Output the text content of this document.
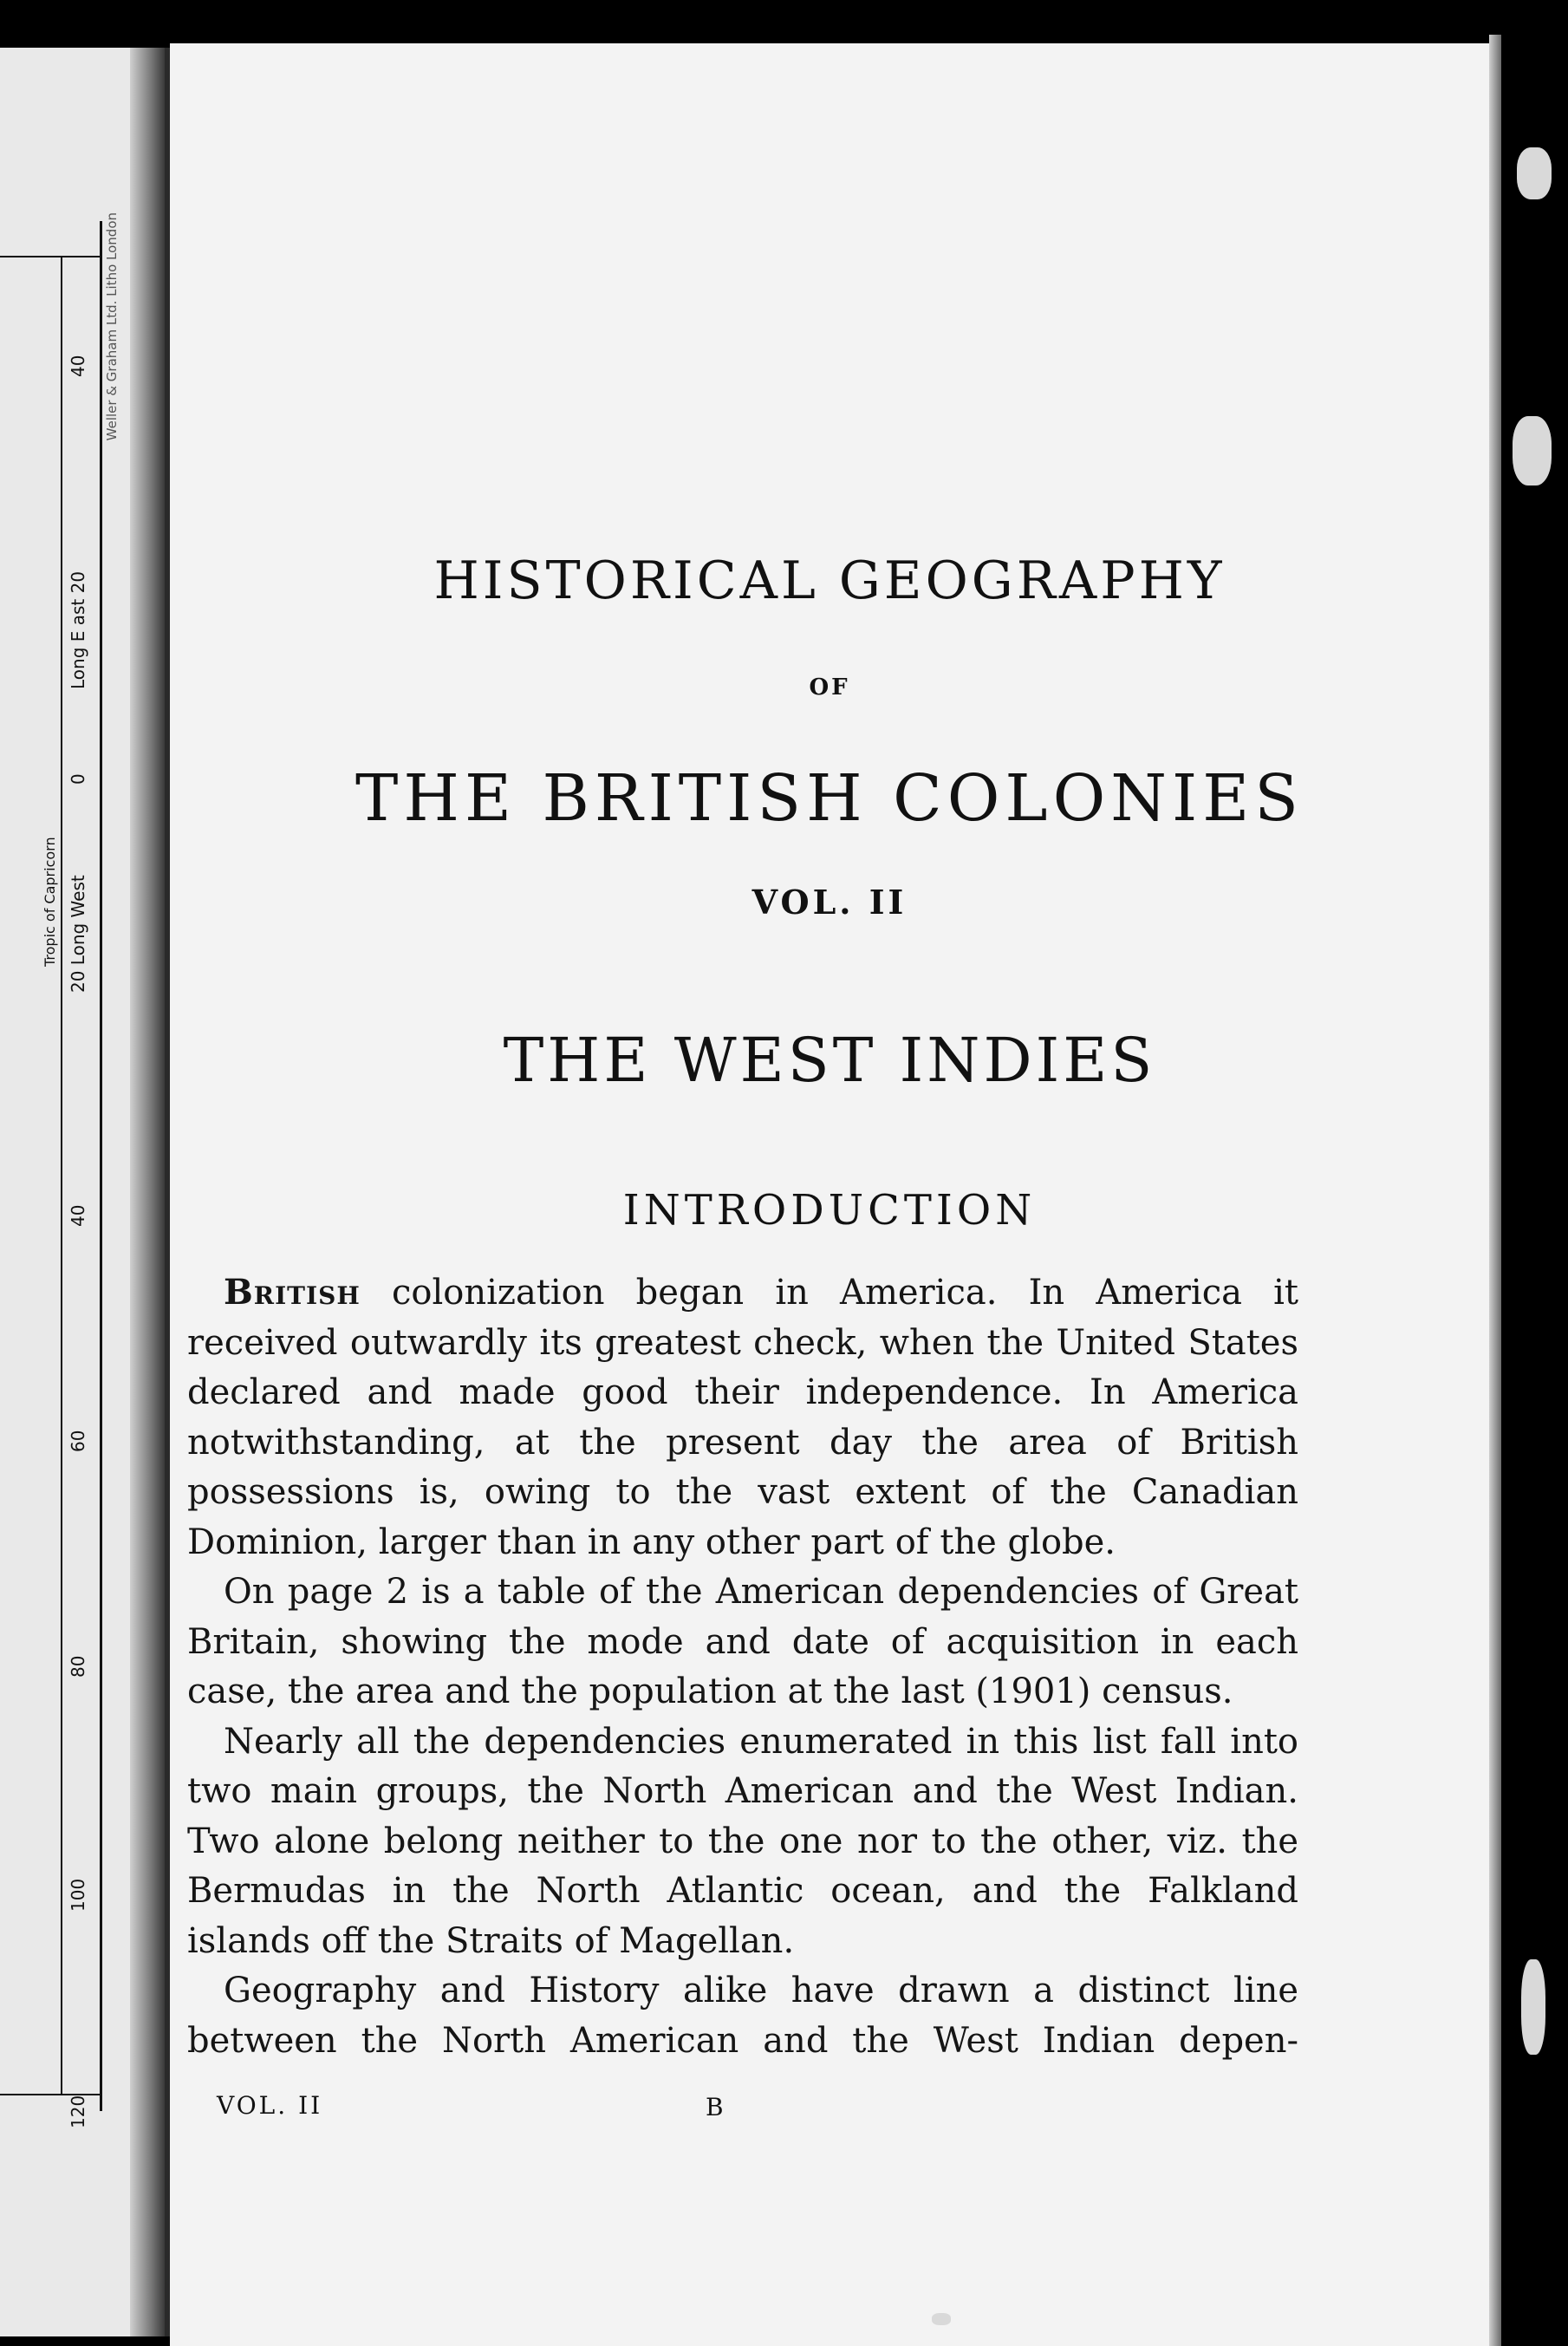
40
20 Long West
0
Long E ast 20
40
60
80
100
120
Tropic of Capricorn
Weller & Graham Ltd. Litho London
HISTORICAL GEOGRAPHY
OF
THE BRITISH COLONIES
VOL. II
THE WEST INDIES
INTRODUCTION

British colonization began in America. In America it received outwardly its greatest check, when the United States declared and made good their independence. In America notwithstanding, at the present day the area of British possessions is, owing to the vast extent of the Canadian Dominion, larger than in any other part of the globe.

On page 2 is a table of the American dependencies of Great Britain, showing the mode and date of acquisition in each case, the area and the population at the last (1901) census.

Nearly all the dependencies enumerated in this list fall into two main groups, the North American and the West Indian. Two alone belong neither to the one nor to the other, viz. the Bermudas in the North Atlantic ocean, and the Falkland islands off the Straits of Magellan.

Geography and History alike have drawn a distinct line between the North American and the West Indian depen-

VOL. II	B
